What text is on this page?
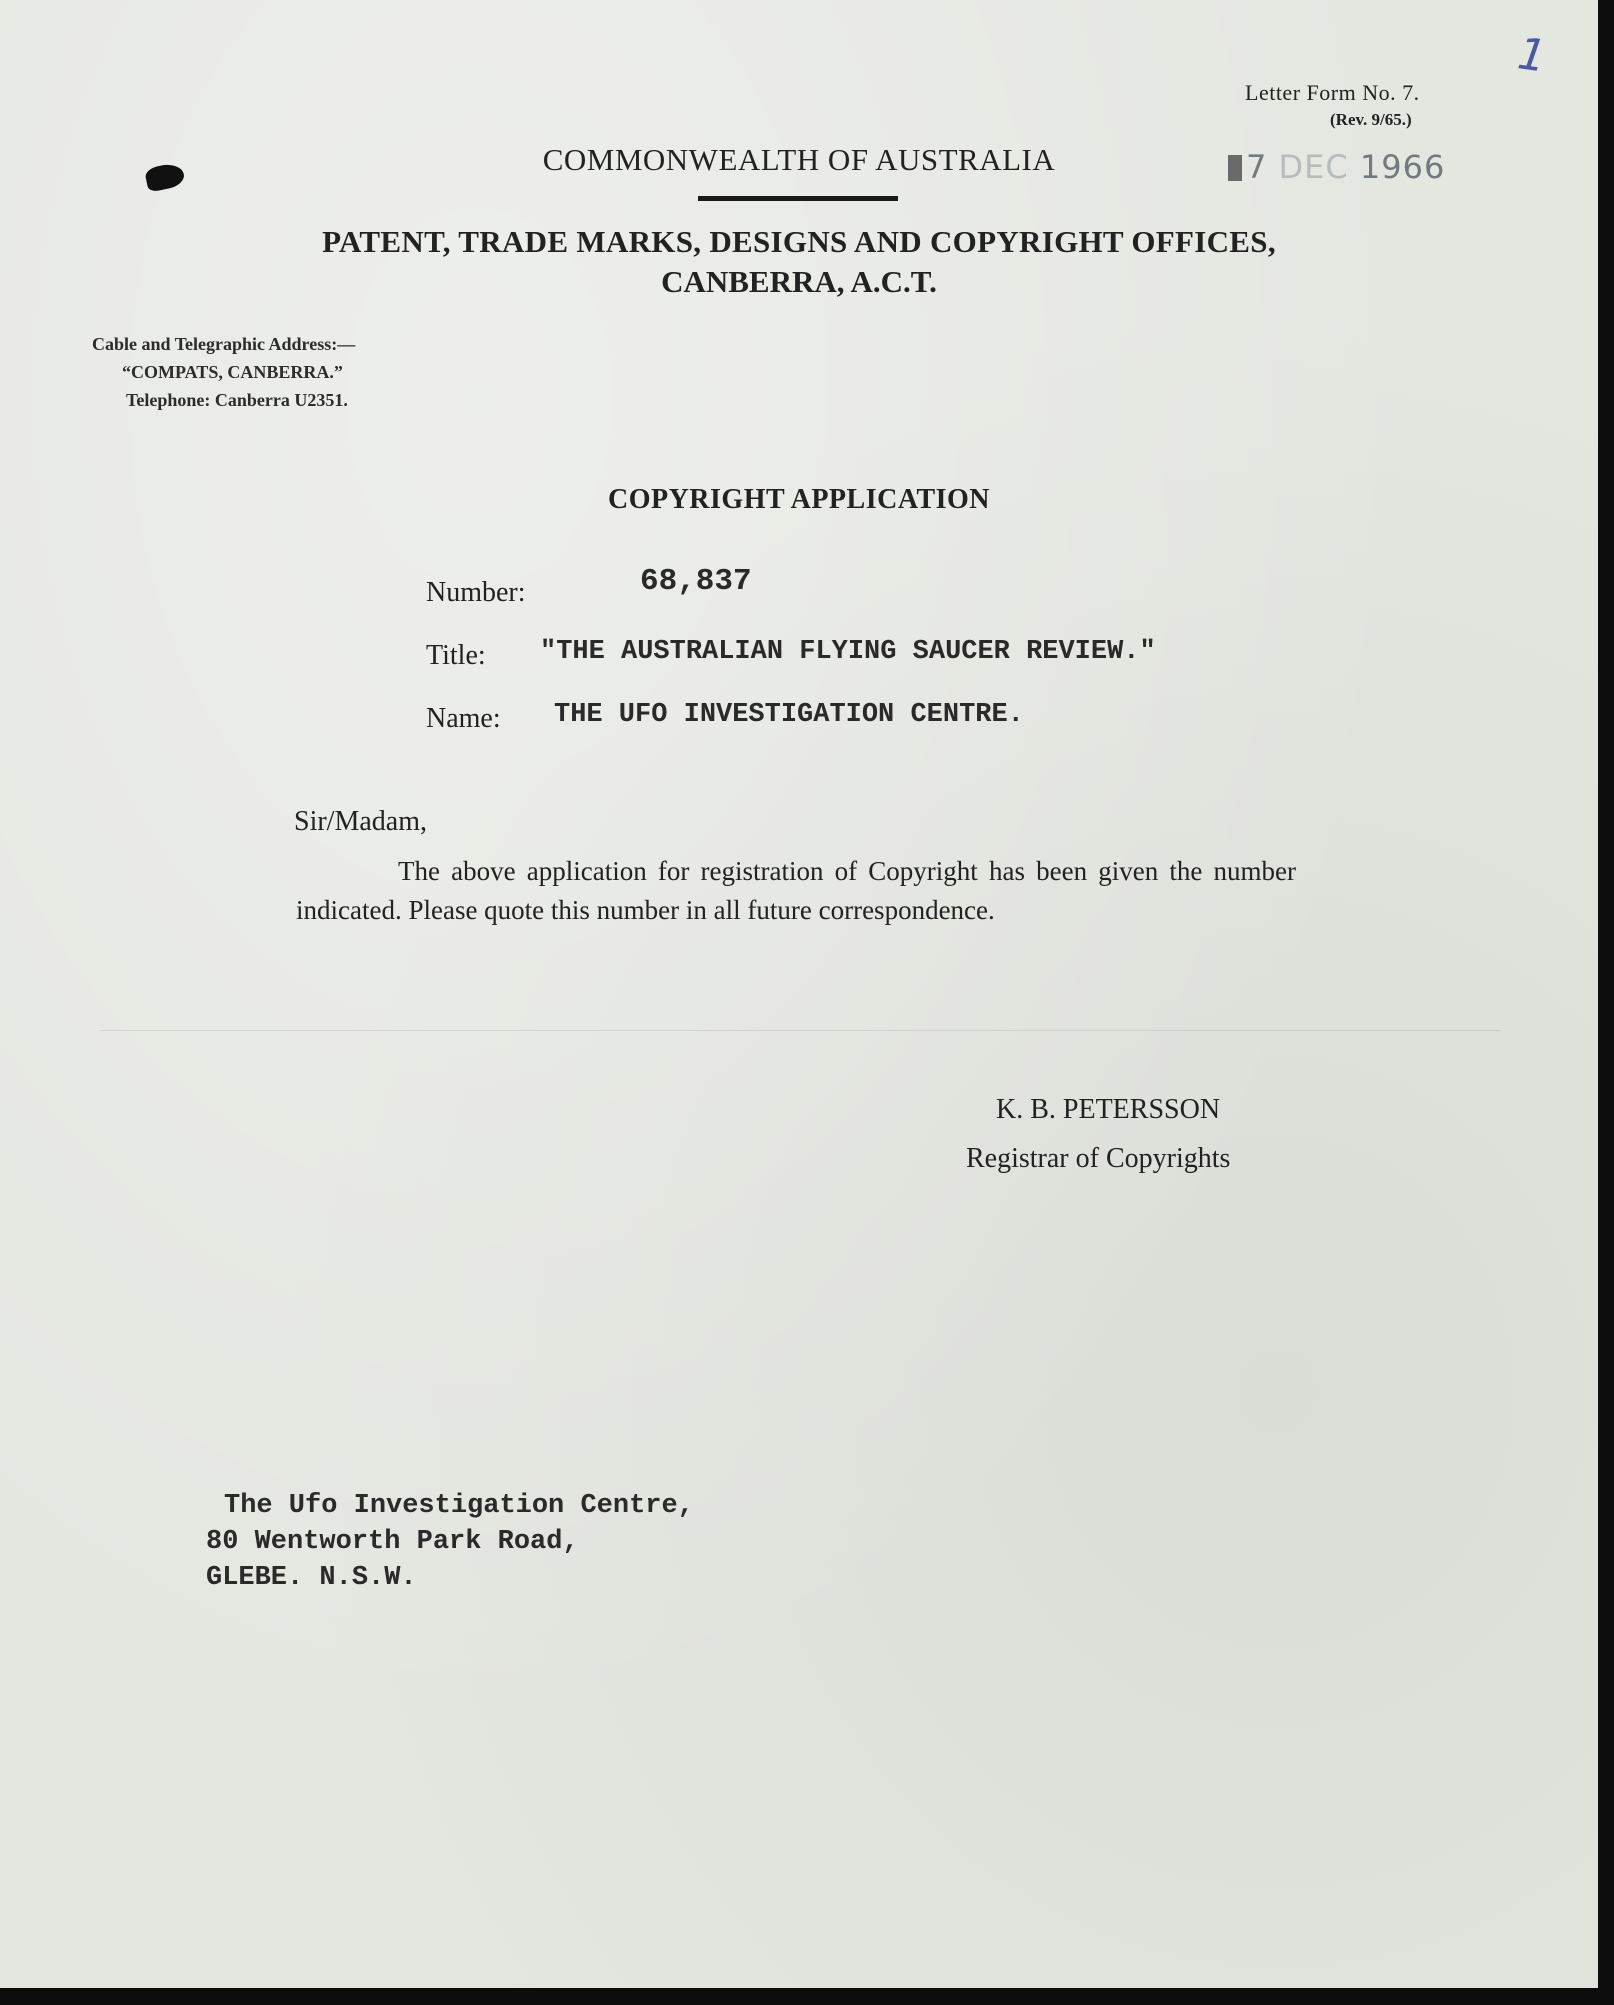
1
Letter Form No. 7.
(Rev. 9/65.)
7 DEC 1966
COMMONWEALTH OF AUSTRALIA
PATENT, TRADE MARKS, DESIGNS AND COPYRIGHT OFFICES,
CANBERRA, A.C.T.
Cable and Telegraphic Address:—
“COMPATS, CANBERRA.”
Telephone: Canberra U2351.
COPYRIGHT APPLICATION
Number:	68,837
Title: "THE AUSTRALIAN FLYING SAUCER REVIEW."
Name: THE UFO INVESTIGATION CENTRE.
Sir/Madam,
The above application for registration of Copyright has been given the number indicated. Please quote this number in all future correspondence.
K. B. PETERSSON
Registrar of Copyrights
The Ufo Investigation Centre,
80 Wentworth Park Road,
GLEBE. N.S.W.
